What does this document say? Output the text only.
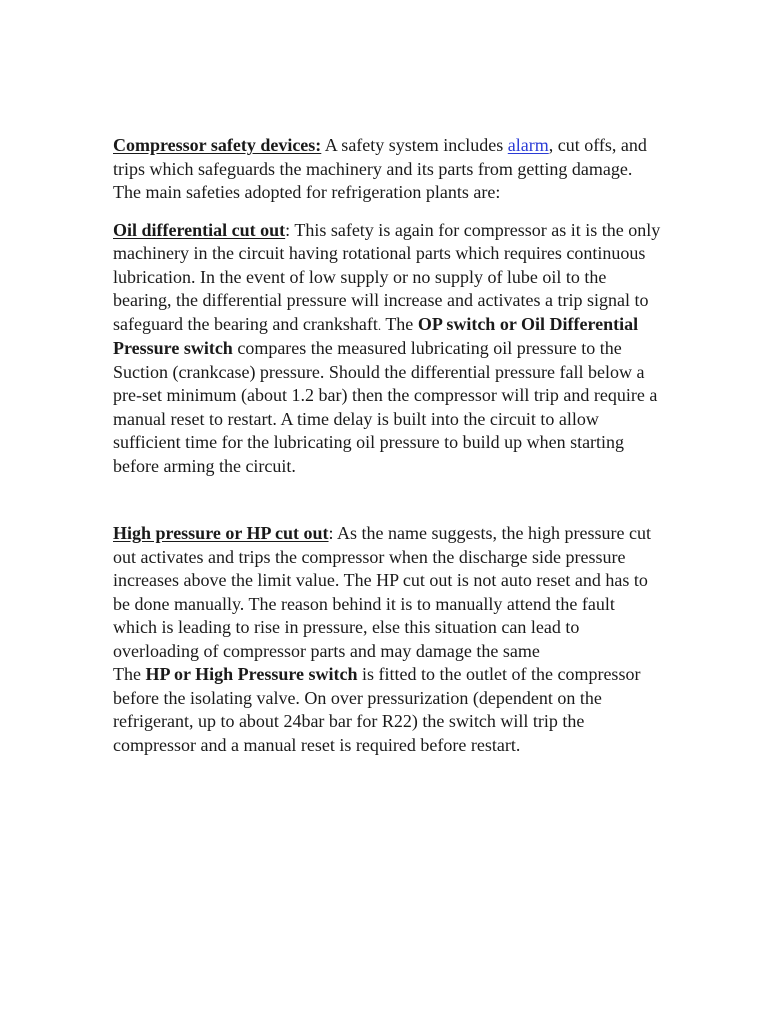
Compressor safety devices: A safety system includes alarm, cut offs, and trips which safeguards the machinery and its parts from getting damage. The main safeties adopted for refrigeration plants are:

Oil differential cut out: This safety is again for compressor as it is the only machinery in the circuit having rotational parts which requires continuous lubrication. In the event of low supply or no supply of lube oil to the bearing, the differential pressure will increase and activates a trip signal to safeguard the bearing and crankshaft. The OP switch or Oil Differential Pressure switch compares the measured lubricating oil pressure to the Suction (crankcase) pressure. Should the differential pressure fall below a pre-set minimum (about 1.2 bar) then the compressor will trip and require a manual reset to restart. A time delay is built into the circuit to allow sufficient time for the lubricating oil pressure to build up when starting before arming the circuit.

High pressure or HP cut out: As the name suggests, the high pressure cut out activates and trips the compressor when the discharge side pressure increases above the limit value. The HP cut out is not auto reset and has to be done manually. The reason behind it is to manually attend the fault which is leading to rise in pressure, else this situation can lead to overloading of compressor parts and may damage the same

The HP or High Pressure switch is fitted to the outlet of the compressor before the isolating valve. On over pressurization (dependent on the refrigerant, up to about 24bar bar for R22) the switch will trip the compressor and a manual reset is required before restart.
